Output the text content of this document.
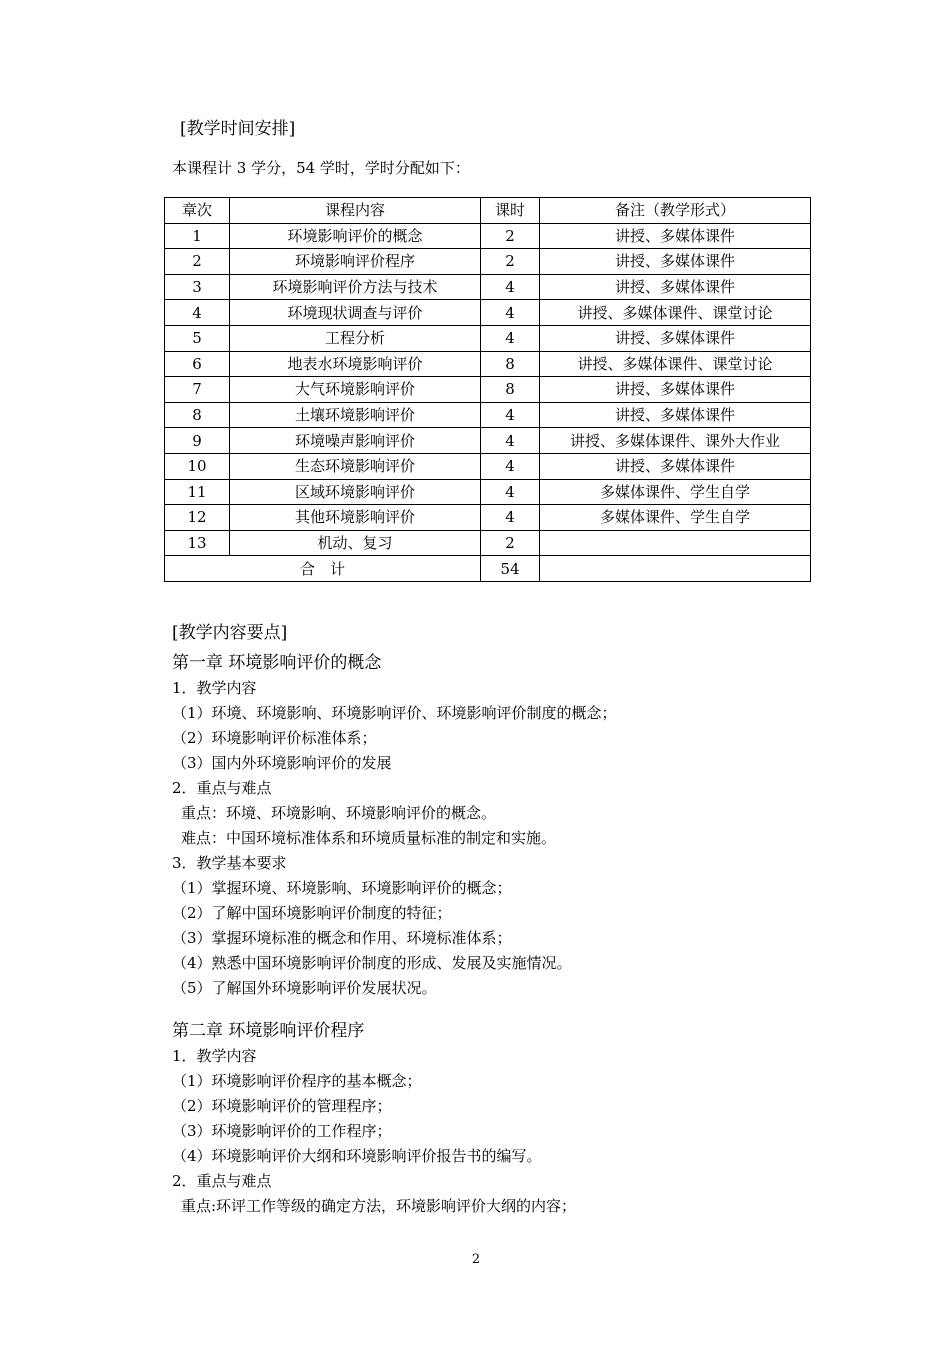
[教学时间安排]
本课程计 3 学分，54 学时，学时分配如下：
章次	课程内容	课时	备注（教学形式）
1	环境影响评价的概念	2	讲授、多媒体课件
2	环境影响评价程序	2	讲授、多媒体课件
3	环境影响评价方法与技术	4	讲授、多媒体课件
4	环境现状调查与评价	4	讲授、多媒体课件、课堂讨论
5	工程分析	4	讲授、多媒体课件
6	地表水环境影响评价	8	讲授、多媒体课件、课堂讨论
7	大气环境影响评价	8	讲授、多媒体课件
8	土壤环境影响评价	4	讲授、多媒体课件
9	环境噪声影响评价	4	讲授、多媒体课件、课外大作业
10	生态环境影响评价	4	讲授、多媒体课件
11	区域环境影响评价	4	多媒体课件、学生自学
12	其他环境影响评价	4	多媒体课件、学生自学
13	机动、复习	2	
合　计		54	

[教学内容要点]

第一章 环境影响评价的概念

1．教学内容

（1）环境、环境影响、环境影响评价、环境影响评价制度的概念；

（2）环境影响评价标准体系；

（3）国内外环境影响评价的发展

2．重点与难点

重点：环境、环境影响、环境影响评价的概念。

难点：中国环境标准体系和环境质量标准的制定和实施。

3．教学基本要求

（1）掌握环境、环境影响、环境影响评价的概念；

（2）了解中国环境影响评价制度的特征；

（3）掌握环境标准的概念和作用、环境标准体系；

（4）熟悉中国环境影响评价制度的形成、发展及实施情况。

（5）了解国外环境影响评价发展状况。

第二章 环境影响评价程序

1．教学内容

（1）环境影响评价程序的基本概念；

（2）环境影响评价的管理程序；

（3）环境影响评价的工作程序；

（4）环境影响评价大纲和环境影响评价报告书的编写。

2．重点与难点

重点:环评工作等级的确定方法，环境影响评价大纲的内容；

2
